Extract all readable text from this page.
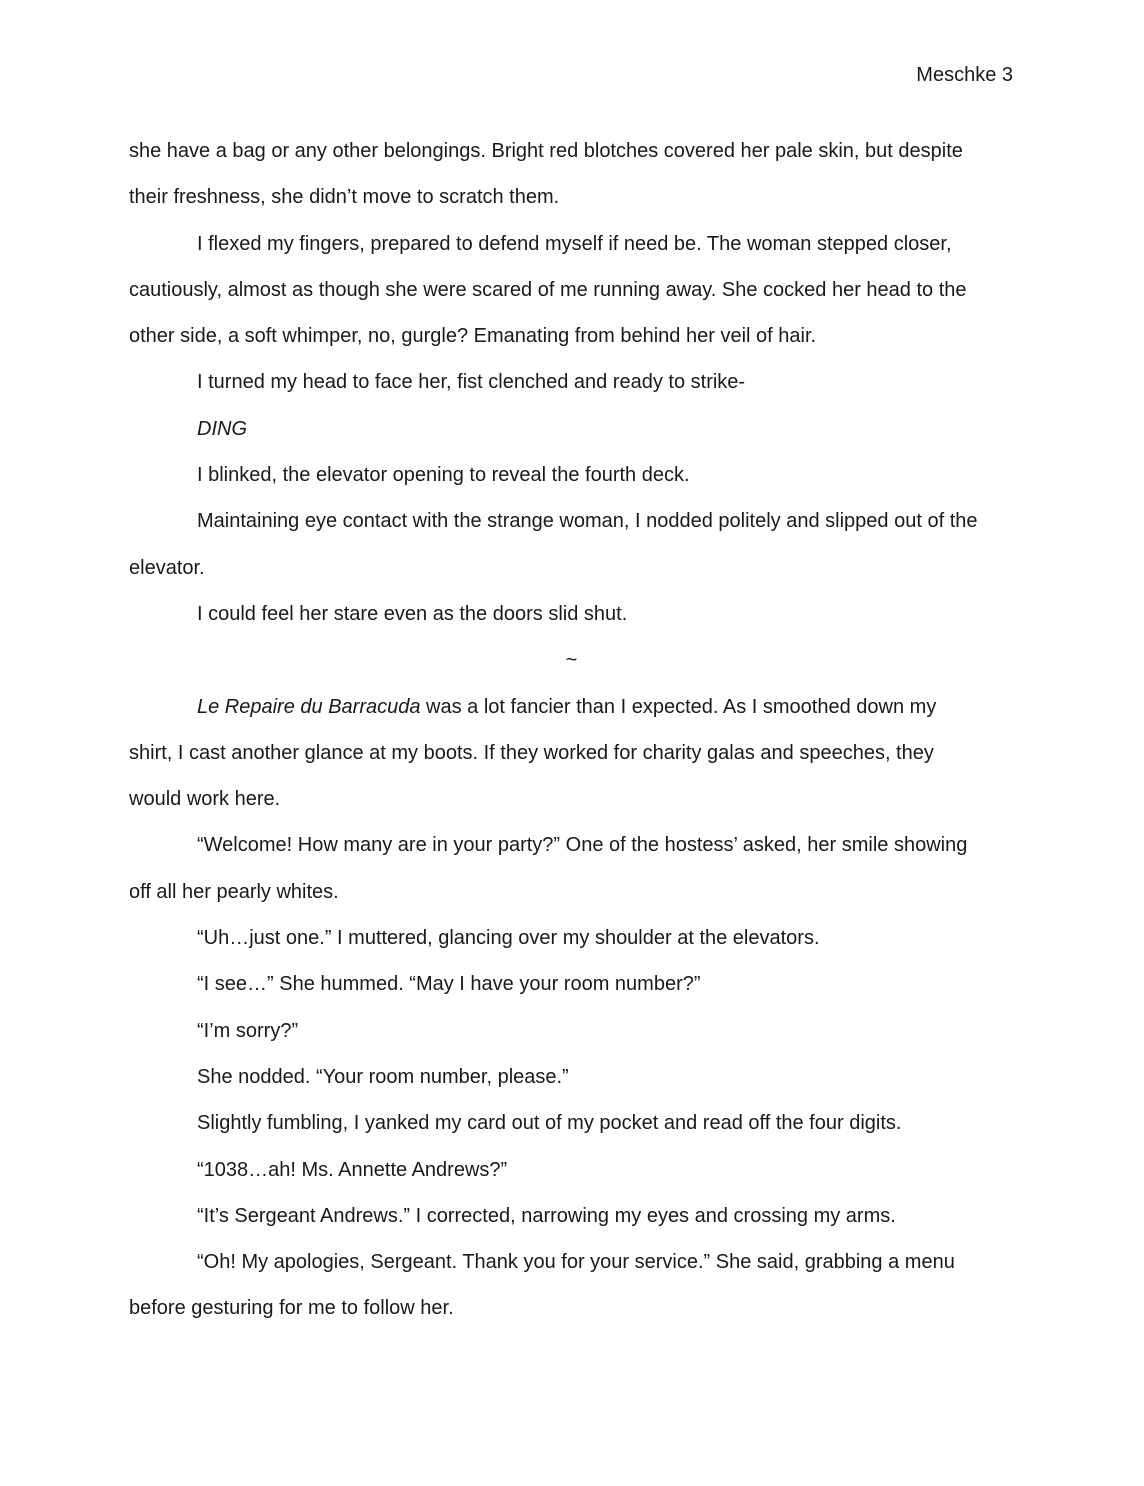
Meschke 3

she have a bag or any other belongings. Bright red blotches covered her pale skin, but despite
their freshness, she didn’t move to scratch them.

I flexed my fingers, prepared to defend myself if need be. The woman stepped closer,
cautiously, almost as though she were scared of me running away. She cocked her head to the
other side, a soft whimper, no, gurgle? Emanating from behind her veil of hair.

I turned my head to face her, fist clenched and ready to strike-

DING

I blinked, the elevator opening to reveal the fourth deck.

Maintaining eye contact with the strange woman, I nodded politely and slipped out of the
elevator.

I could feel her stare even as the doors slid shut.

~

Le Repaire du Barracuda was a lot fancier than I expected. As I smoothed down my
shirt, I cast another glance at my boots. If they worked for charity galas and speeches, they
would work here.

“Welcome! How many are in your party?” One of the hostess’ asked, her smile showing
off all her pearly whites.

“Uh…just one.” I muttered, glancing over my shoulder at the elevators.

“I see…” She hummed. “May I have your room number?”

“I’m sorry?”

She nodded. “Your room number, please.”

Slightly fumbling, I yanked my card out of my pocket and read off the four digits.

“1038…ah! Ms. Annette Andrews?”

“It’s Sergeant Andrews.” I corrected, narrowing my eyes and crossing my arms.

“Oh! My apologies, Sergeant. Thank you for your service.” She said, grabbing a menu
before gesturing for me to follow her.
